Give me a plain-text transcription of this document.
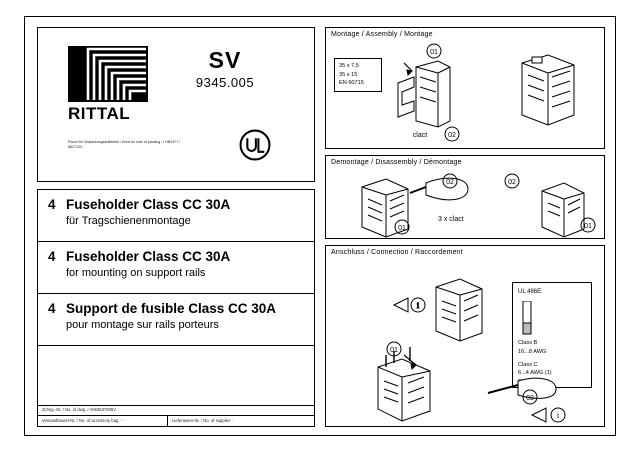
RITTAL
Raum für Verpackungsaufkleber / Area for note of packing / I HB0477 / 8827100 ;
SV
9345.005
4 Fuseholder Class CC 30A
für Tragschienenmontage
4 Fuseholder Class CC 30A
for mounting on support rails
4 Support de fusible Class CC 30A
pour montage sur rails porteurs
Zchng.-Nr. / No. of dwg. / A063637005V
Versandbeutel-Nr. / No. of accessory bag : -	Lieferanten-Nr. / No. of supplier :
Montage / Assembly / Montage
35 x 7,5
35 x 15
EN 60715
01
02
clact
Demontage / Disassembly / Démontage
02
01
02
01
3 x clact
Anschluss / Connection / Raccordement
UL 486E
Class B
16...8 AWG
Class C
6...4 AWG (1)
i
01
02
i
